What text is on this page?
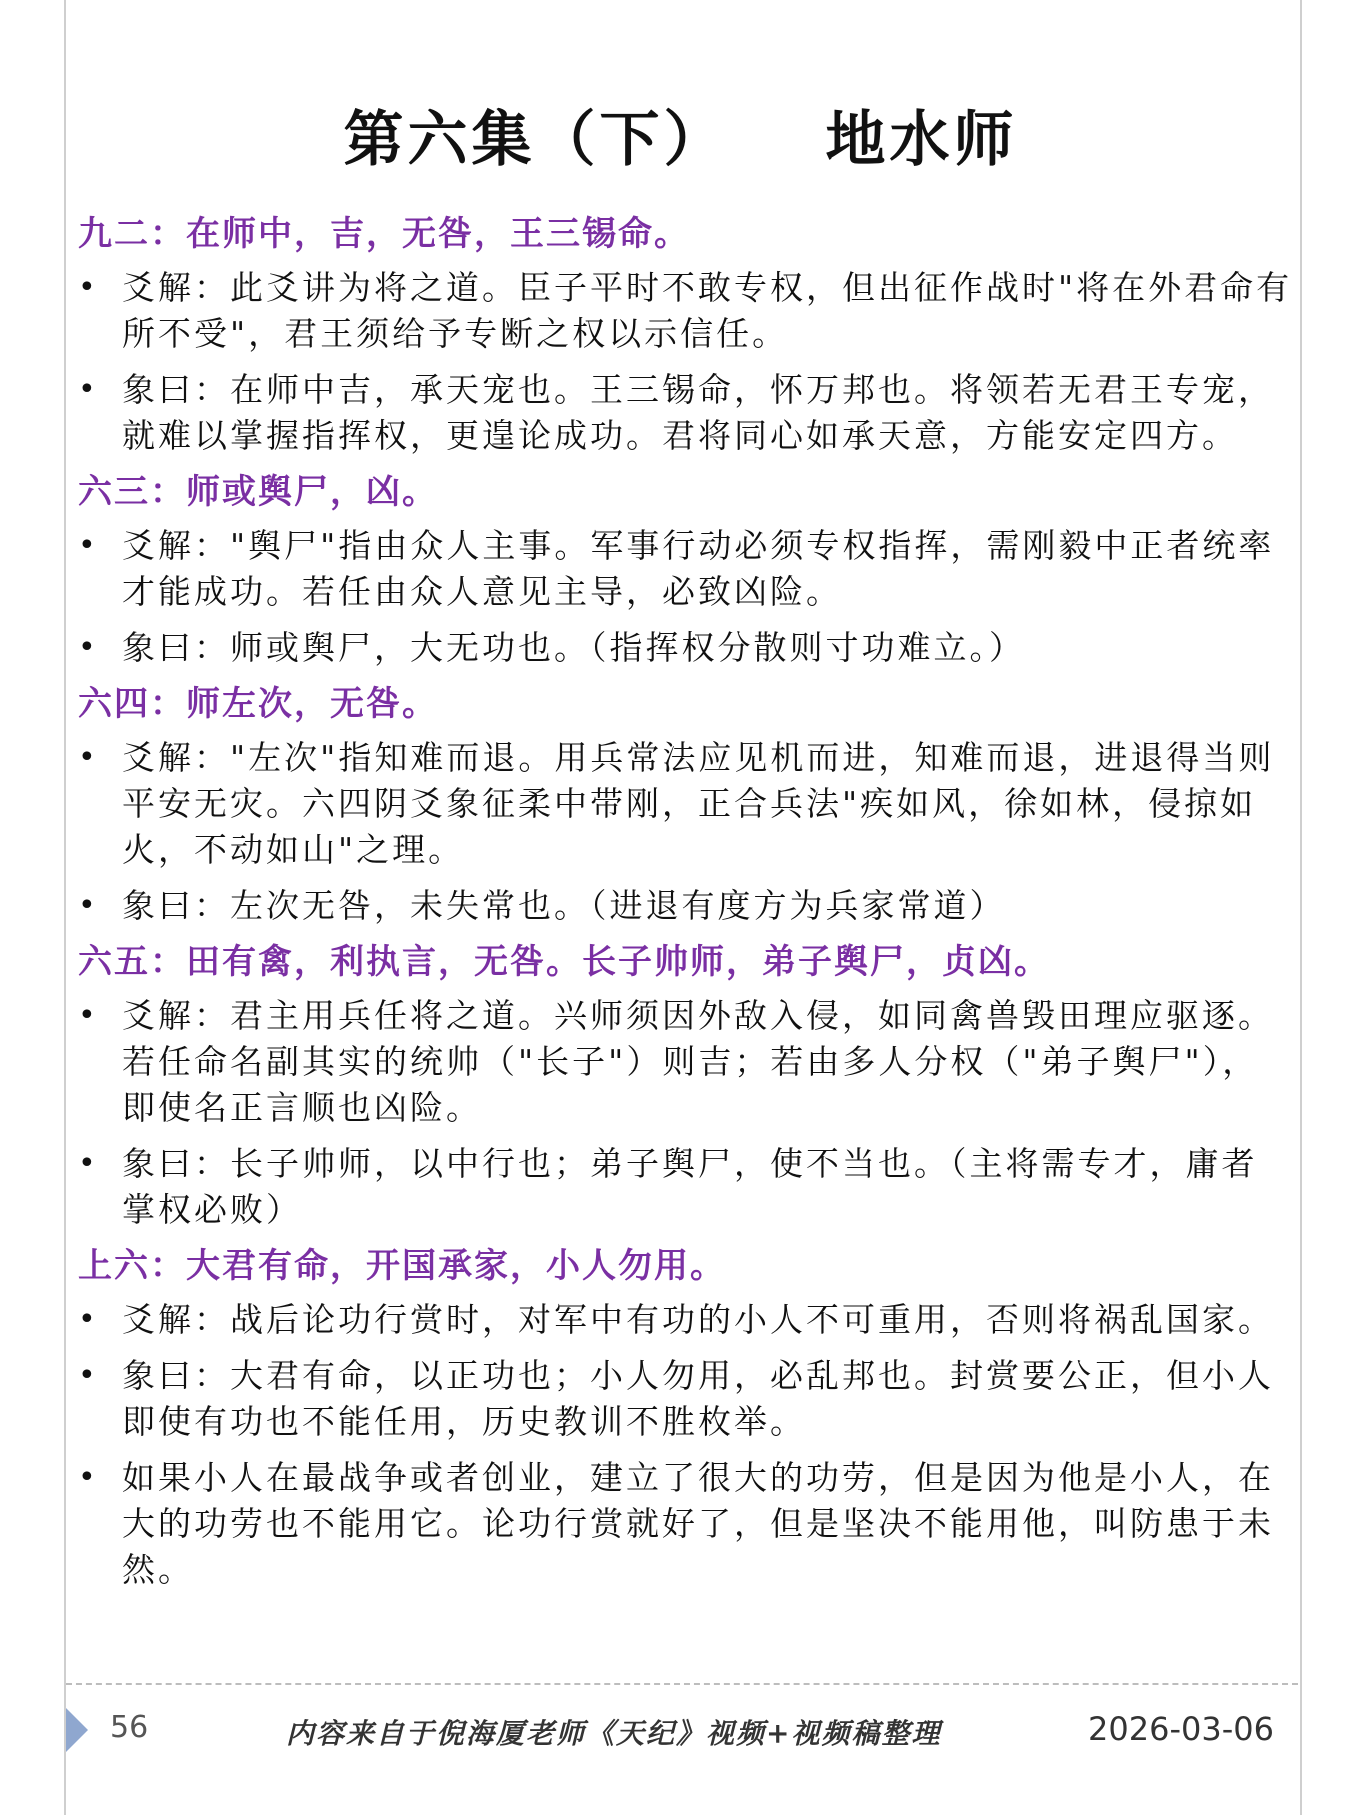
第六集（下）　　地水师
九二：在师中，吉，无咎，王三锡命。
• 爻解：此爻讲为将之道。臣子平时不敢专权，但出征作战时"将在外君命有所不受"，君王须给予专断之权以示信任。
• 象曰：在师中吉，承天宠也。王三锡命，怀万邦也。将领若无君王专宠，就难以掌握指挥权，更遑论成功。君将同心如承天意，方能安定四方。
六三：师或舆尸，凶。
• 爻解："舆尸"指由众人主事。军事行动必须专权指挥，需刚毅中正者统率才能成功。若任由众人意见主导，必致凶险。
• 象曰：师或舆尸，大无功也。（指挥权分散则寸功难立。）
六四：师左次，无咎。
• 爻解："左次"指知难而退。用兵常法应见机而进，知难而退，进退得当则平安无灾。六四阴爻象征柔中带刚，正合兵法"疾如风，徐如林，侵掠如火，不动如山"之理。
• 象曰：左次无咎，未失常也。（进退有度方为兵家常道）
六五：田有禽，利执言，无咎。长子帅师，弟子舆尸，贞凶。
• 爻解：君主用兵任将之道。兴师须因外敌入侵，如同禽兽毁田理应驱逐。若任命名副其实的统帅（"长子"）则吉；若由多人分权（"弟子舆尸"），即使名正言顺也凶险。
• 象曰：长子帅师，以中行也；弟子舆尸，使不当也。（主将需专才，庸者掌权必败）
上六：大君有命，开国承家，小人勿用。
• 爻解：战后论功行赏时，对军中有功的小人不可重用，否则将祸乱国家。
• 象曰：大君有命，以正功也；小人勿用，必乱邦也。封赏要公正，但小人即使有功也不能任用，历史教训不胜枚举。
• 如果小人在最战争或者创业，建立了很大的功劳，但是因为他是小人，在大的功劳也不能用它。论功行赏就好了，但是坚决不能用他，叫防患于未然。
56	内容来自于倪海厦老师《天纪》视频+视频稿整理	2026-03-06
